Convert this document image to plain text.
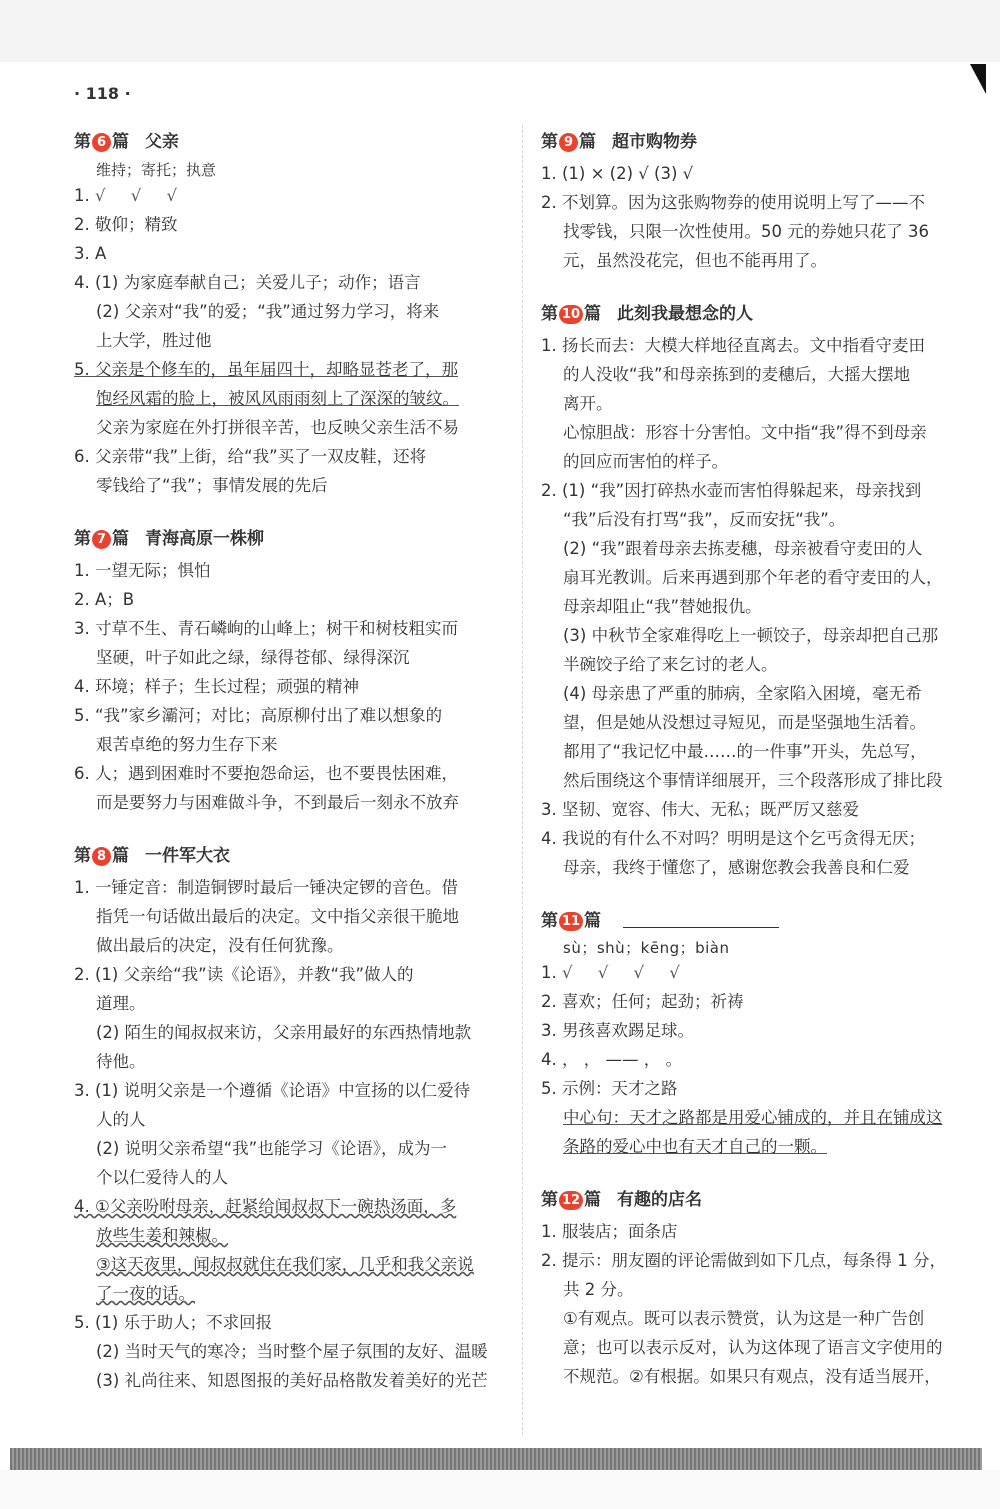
· 118 ·
第 6 篇 父亲
维持；寄托；执意
1. √ √ √
2. 敬仰；精致
3. A
4. (1) 为家庭奉献自己；关爱儿子；动作；语言
(2) 父亲对“我”的爱；“我”通过努力学习，将来
上大学，胜过他
5. 父亲是个修车的，虽年届四十，却略显苍老了，那
饱经风霜的脸上，被风风雨雨刻上了深深的皱纹。
父亲为家庭在外打拼很辛苦，也反映父亲生活不易
6. 父亲带“我”上街，给“我”买了一双皮鞋，还将
零钱给了“我”；事情发展的先后
第 7 篇 青海高原一株柳
1. 一望无际；惧怕
2. A；B
3. 寸草不生、青石嶙峋的山峰上；树干和树枝粗实而
坚硬，叶子如此之绿，绿得苍郁、绿得深沉
4. 环境；样子；生长过程；顽强的精神
5. “我”家乡灞河；对比；高原柳付出了难以想象的
艰苦卓绝的努力生存下来
6. 人；遇到困难时不要抱怨命运，也不要畏怯困难，
而是要努力与困难做斗争，不到最后一刻永不放弃
第 8 篇 一件军大衣
1. 一锤定音：制造铜锣时最后一锤决定锣的音色。借
指凭一句话做出最后的决定。文中指父亲很干脆地
做出最后的决定，没有任何犹豫。
2. (1) 父亲给“我”读《论语》，并教“我”做人的
道理。
(2) 陌生的闻叔叔来访，父亲用最好的东西热情地款
待他。
3. (1) 说明父亲是一个遵循《论语》中宣扬的以仁爱待
人的人
(2) 说明父亲希望“我”也能学习《论语》，成为一
个以仁爱待人的人
4. ①父亲吩咐母亲，赶紧给闻叔叔下一碗热汤面，多
放些生姜和辣椒。
③这天夜里，闻叔叔就住在我们家，几乎和我父亲说
了一夜的话。
5. (1) 乐于助人；不求回报
(2) 当时天气的寒冷；当时整个屋子氛围的友好、温暖
(3) 礼尚往来、知恩图报的美好品格散发着美好的光芒
第 9 篇 超市购物券
1. (1) × (2) √ (3) √
2. 不划算。因为这张购物券的使用说明上写了——不
找零钱，只限一次性使用。50 元的券她只花了 36
元，虽然没花完，但也不能再用了。
第 10 篇 此刻我最想念的人
1. 扬长而去：大模大样地径直离去。文中指看守麦田
的人没收“我”和母亲拣到的麦穗后，大摇大摆地
离开。
心惊胆战：形容十分害怕。文中指“我”得不到母亲
的回应而害怕的样子。
2. (1) “我”因打碎热水壶而害怕得躲起来，母亲找到
“我”后没有打骂“我”，反而安抚“我”。
(2) “我”跟着母亲去拣麦穗，母亲被看守麦田的人
扇耳光教训。后来再遇到那个年老的看守麦田的人，
母亲却阻止“我”替她报仇。
(3) 中秋节全家难得吃上一顿饺子，母亲却把自己那
半碗饺子给了来乞讨的老人。
(4) 母亲患了严重的肺病，全家陷入困境，毫无希
望，但是她从没想过寻短见，而是坚强地生活着。
都用了“我记忆中最……的一件事”开头，先总写，
然后围绕这个事情详细展开，三个段落形成了排比段
3. 坚韧、宽容、伟大、无私；既严厉又慈爱
4. 我说的有什么不对吗？明明是这个乞丐贪得无厌；
母亲，我终于懂您了，感谢您教会我善良和仁爱
第 11 篇
sù；shù；kēng；biàn
1. √ √ √ √
2. 喜欢；任何；起劲；祈祷
3. 男孩喜欢踢足球。
4. ， ， —— ， 。
5. 示例：天才之路
中心句：天才之路都是用爱心铺成的，并且在铺成这
条路的爱心中也有天才自己的一颗。
第 12 篇 有趣的店名
1. 服装店；面条店
2. 提示：朋友圈的评论需做到如下几点，每条得 1 分，
共 2 分。
①有观点。既可以表示赞赏，认为这是一种广告创
意；也可以表示反对，认为这体现了语言文字使用的
不规范。②有根据。如果只有观点，没有适当展开，
